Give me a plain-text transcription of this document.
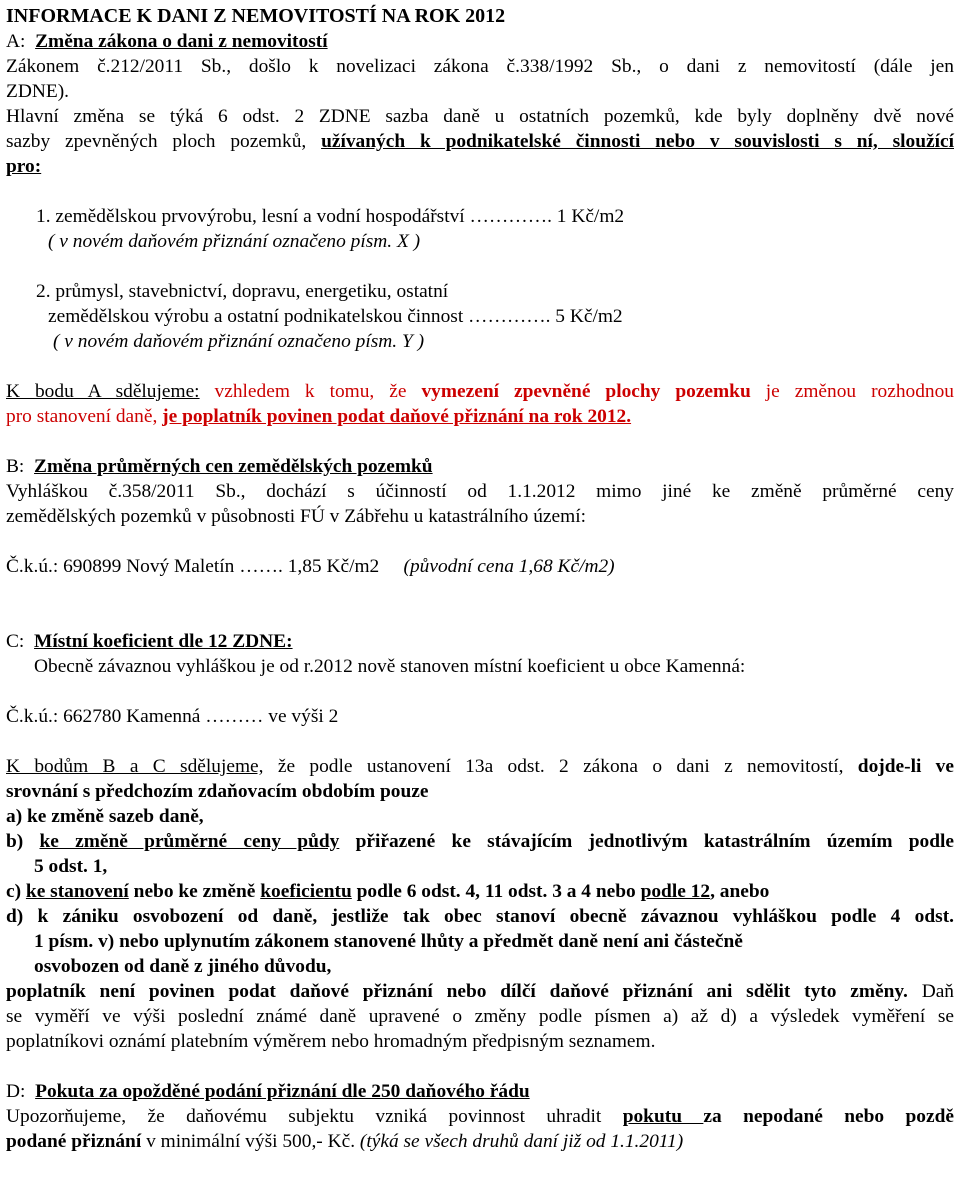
INFORMACE K DANI Z NEMOVITOSTÍ NA ROK 2012

A: Změna zákona o dani z nemovitostí

Zákonem č.212/2011 Sb., došlo k novelizaci zákona č.338/1992 Sb., o dani z nemovitostí (dále jen

ZDNE).

Hlavní změna se týká 6 odst. 2 ZDNE sazba daně u ostatních pozemků, kde byly doplněny dvě nové

sazby zpevněných ploch pozemků, užívaných k podnikatelské činnosti nebo v souvislosti s ní, sloužící

pro:

1. zemědělskou prvovýrobu, lesní a vodní hospodářství …………. 1 Kč/m2

( v novém daňovém přiznání označeno písm. X )

2. průmysl, stavebnictví, dopravu, energetiku, ostatní

zemědělskou výrobu a ostatní podnikatelskou činnost …………. 5 Kč/m2

( v novém daňovém přiznání označeno písm. Y )

K bodu A sdělujeme: vzhledem k tomu, že vymezení zpevněné plochy pozemku je změnou rozhodnou

pro stanovení daně, je poplatník povinen podat daňové přiznání na rok 2012.

B: Změna průměrných cen zemědělských pozemků

Vyhláškou č.358/2011 Sb., dochází s účinností od 1.1.2012 mimo jiné ke změně průměrné ceny

zemědělských pozemků v působnosti FÚ v Zábřehu u katastrálního území:

Č.k.ú.: 690899 Nový Maletín ……. 1,85 Kč/m2 (původní cena 1,68 Kč/m2)

C: Místní koeficient dle 12 ZDNE:

Obecně závaznou vyhláškou je od r.2012 nově stanoven místní koeficient u obce Kamenná:

Č.k.ú.: 662780 Kamenná ……… ve výši 2

K bodům B a C sdělujeme, že podle ustanovení 13a odst. 2 zákona o dani z nemovitostí, dojde-li ve

srovnání s předchozím zdaňovacím obdobím pouze

a) ke změně sazeb daně,

b) ke změně průměrné ceny půdy přiřazené ke stávajícím jednotlivým katastrálním územím podle

5 odst. 1,

c) ke stanovení nebo ke změně koeficientu podle 6 odst. 4, 11 odst. 3 a 4 nebo podle 12, anebo

d) k zániku osvobození od daně, jestliže tak obec stanoví obecně závaznou vyhláškou podle 4 odst.

1 písm. v) nebo uplynutím zákonem stanovené lhůty a předmět daně není ani částečně

osvobozen od daně z jiného důvodu,

poplatník není povinen podat daňové přiznání nebo dílčí daňové přiznání ani sdělit tyto změny. Daň

se vyměří ve výši poslední známé daně upravené o změny podle písmen a) až d) a výsledek vyměření se

poplatníkovi oznámí platebním výměrem nebo hromadným předpisným seznamem.

D: Pokuta za opožděné podání přiznání dle 250 daňového řádu

Upozorňujeme, že daňovému subjektu vzniká povinnost uhradit pokutu za nepodané nebo pozdě

podané přiznání v minimální výši 500,- Kč. (týká se všech druhů daní již od 1.1.2011)
